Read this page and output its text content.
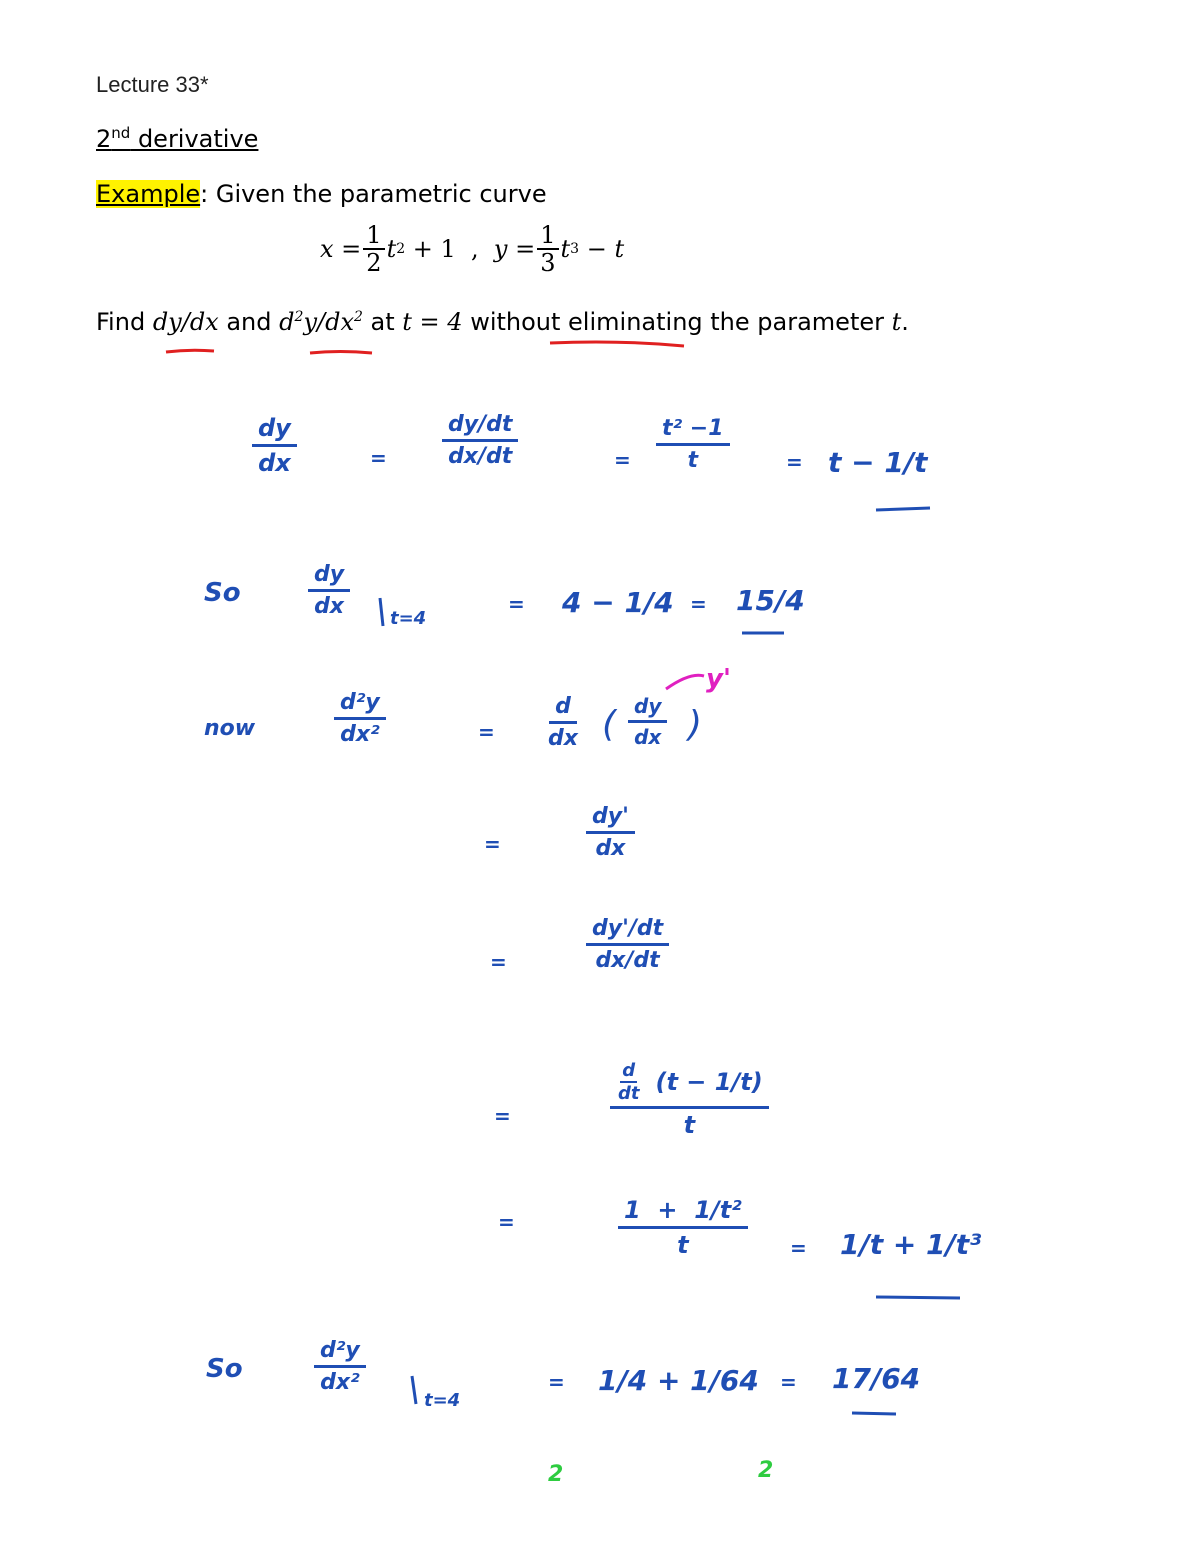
Lecture 33*
2nd derivative
Example: Given the parametric curve
$x = \frac{1}{2}$ t 2 + 1  , $y = \frac{1}{3}$ t 3 − t
Find dy/dx and $d^2y/dx^2$ at t = 4 without eliminating the parameter t.
$\frac{dy}{dx}$	=	$\frac{dy/dt}{dx/dt}$	= $\frac{\text{t² −1}}{t}$	= t − 1/t
So	$\frac{dy}{dx} t=4$
= 4 − 1/4 = 15/4
now	$\frac{\text{d²y}}{\text{dx²}}$	= $\frac{d}{dx}$ ( $\frac{dy}{dx}$ )
y'
=	$\frac{dy'}{dx}$
=	$\frac{dy'/dt}{dx/dt}$
=
d
dt (t − 1/t)
t
=	$\frac{\text{1  +  1/t²}}{t} = 1/t + 1/t^3$
So	$\frac{\text{d²y}}{\text{dx²}}$
t=4
= 1/4 + 1/64 = 17/64
2	2
